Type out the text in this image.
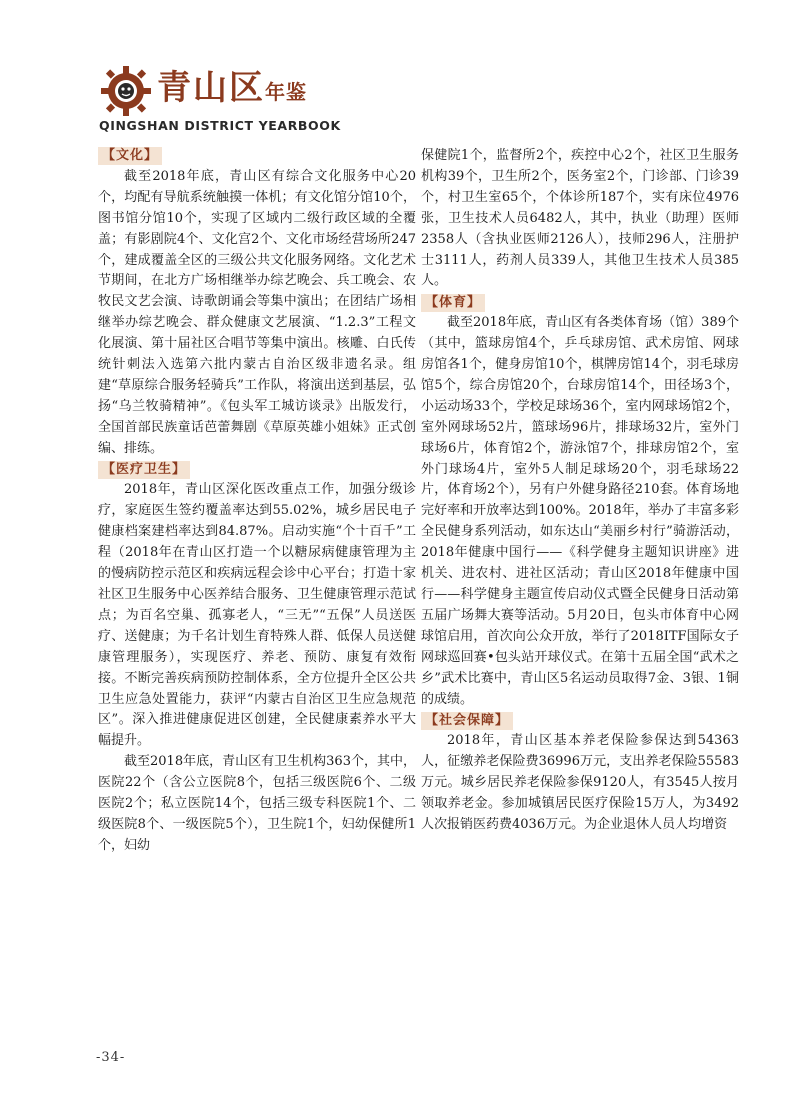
青山区年鉴
QINGSHAN DISTRICT YEARBOOK
【文化】

截至2018年底，青山区有综合文化服务中心20个，均配有导航系统触摸一体机；有文化馆分馆10个，图书馆分馆10个，实现了区域内二级行政区域的全覆盖；有影剧院4个、文化宫2个、文化市场经营场所247个，建成覆盖全区的三级公共文化服务网络。文化艺术节期间，在北方广场相继举办综艺晚会、兵工晚会、农牧民文艺会演、诗歌朗诵会等集中演出；在团结广场相继举办综艺晚会、群众健康文艺展演、“1.2.3”工程文化展演、第十届社区合唱节等集中演出。核雕、白氏传统针刺法入选第六批内蒙古自治区级非遗名录。组建“草原综合服务轻骑兵”工作队，将演出送到基层，弘扬“乌兰牧骑精神”。《包头军工城访谈录》出版发行，全国首部民族童话芭蕾舞剧《草原英雄小姐妹》正式创编、排练。

【医疗卫生】

2018年，青山区深化医改重点工作，加强分级诊疗，家庭医生签约覆盖率达到55.02%，城乡居民电子健康档案建档率达到84.87%。启动实施“个十百千”工程（2018年在青山区打造一个以糖尿病健康管理为主的慢病防控示范区和疾病远程会诊中心平台；打造十家社区卫生服务中心医养结合服务、卫生健康管理示范试点；为百名空巢、孤寡老人，“三无”“五保”人员送医疗、送健康；为千名计划生育特殊人群、低保人员送健康管理服务），实现医疗、养老、预防、康复有效衔接。不断完善疾病预防控制体系，全方位提升全区公共卫生应急处置能力，获评“内蒙古自治区卫生应急规范区”。深入推进健康促进区创建，全民健康素养水平大幅提升。

截至2018年底，青山区有卫生机构363个，其中，医院22个（含公立医院8个，包括三级医院6个、二级医院2个；私立医院14个，包括三级专科医院1个、二级医院8个、一级医院5个），卫生院1个，妇幼保健所1个，妇幼

保健院1个，监督所2个，疾控中心2个，社区卫生服务机构39个，卫生所2个，医务室2个，门诊部、门诊39个，村卫生室65个，个体诊所187个，实有床位4976张，卫生技术人员6482人，其中，执业（助理）医师2358人（含执业医师2126人），技师296人，注册护士3111人，药剂人员339人，其他卫生技术人员385人。

【体育】

截至2018年底，青山区有各类体育场（馆）389个（其中，篮球房馆4个，乒乓球房馆、武术房馆、网球房馆各1个，健身房馆10个，棋牌房馆14个，羽毛球房馆5个，综合房馆20个，台球房馆14个，田径场3个，小运动场33个，学校足球场36个，室内网球场馆2个，室外网球场52片，篮球场96片，排球场32片，室外门球场6片，体育馆2个，游泳馆7个，排球房馆2个，室外门球场4片，室外5人制足球场20个，羽毛球场22片，体育场2个），另有户外健身路径210套。体育场地完好率和开放率达到100%。2018年，举办了丰富多彩全民健身系列活动，如东达山“美丽乡村行”骑游活动，2018年健康中国行——《科学健身主题知识讲座》进机关、进农村、进社区活动；青山区2018年健康中国行——科学健身主题宣传启动仪式暨全民健身日活动第五届广场舞大赛等活动。5月20日，包头市体育中心网球馆启用，首次向公众开放，举行了2018ITF国际女子网球巡回赛•包头站开球仪式。在第十五届全国“武术之乡”武术比赛中，青山区5名运动员取得7金、3银、1铜的成绩。

【社会保障】

2018年，青山区基本养老保险参保达到54363人，征缴养老保险费36996万元，支出养老保险55583万元。城乡居民养老保险参保9120人，有3545人按月领取养老金。参加城镇居民医疗保险15万人，为3492人次报销医药费4036万元。为企业退休人员人均增资

-34-
